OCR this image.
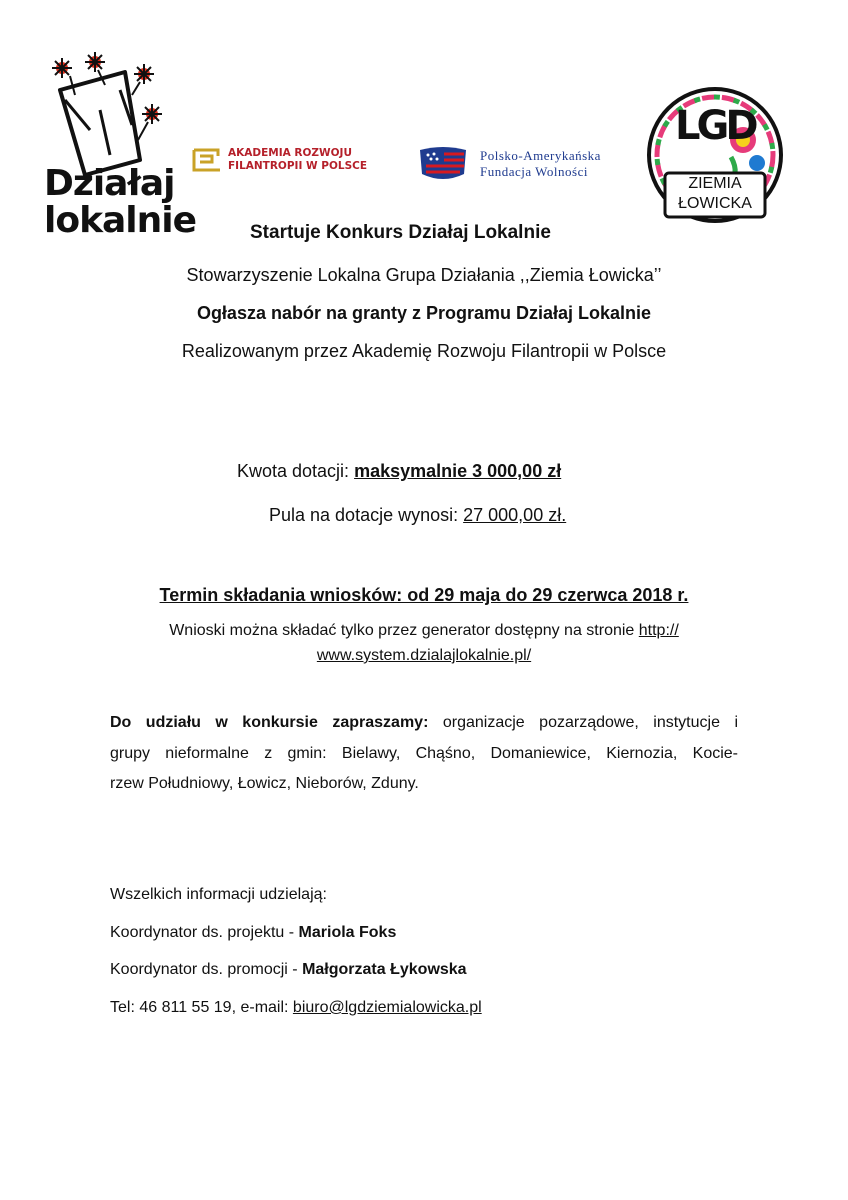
Działaj
lokalnie
AKADEMIA ROZWOJU
FILANTROPII W POLSCE
Polsko-Amerykańska
Fundacja Wolności
LGD
ZIEMIA
ŁOWICKA
Startuje Konkurs Działaj Lokalnie
Stowarzyszenie Lokalna Grupa Działania ,,Ziemia Łowicka’’
Ogłasza nabór na granty z Programu Działaj Lokalnie
Realizowanym przez Akademię Rozwoju Filantropii w Polsce
Kwota dotacji: maksymalnie 3 000,00 zł
Pula na dotacje wynosi: 27 000,00 zł.
Termin składania wniosków: od 29 maja do 29 czerwca 2018 r.
Wnioski można składać tylko przez generator dostępny na stronie http://
www.system.dzialajlokalnie.pl/
Do udziału w konkursie zapraszamy: organizacje pozarządowe, instytucje i
grupy nieformalne z gmin: Bielawy, Chąśno, Domaniewice, Kiernozia, Kocie-
rzew Południowy, Łowicz, Nieborów, Zduny.
Wszelkich informacji udzielają:
Koordynator ds. projektu - Mariola Foks
Koordynator ds. promocji - Małgorzata Łykowska
Tel: 46 811 55 19, e-mail: biuro@lgdziemialowicka.pl
